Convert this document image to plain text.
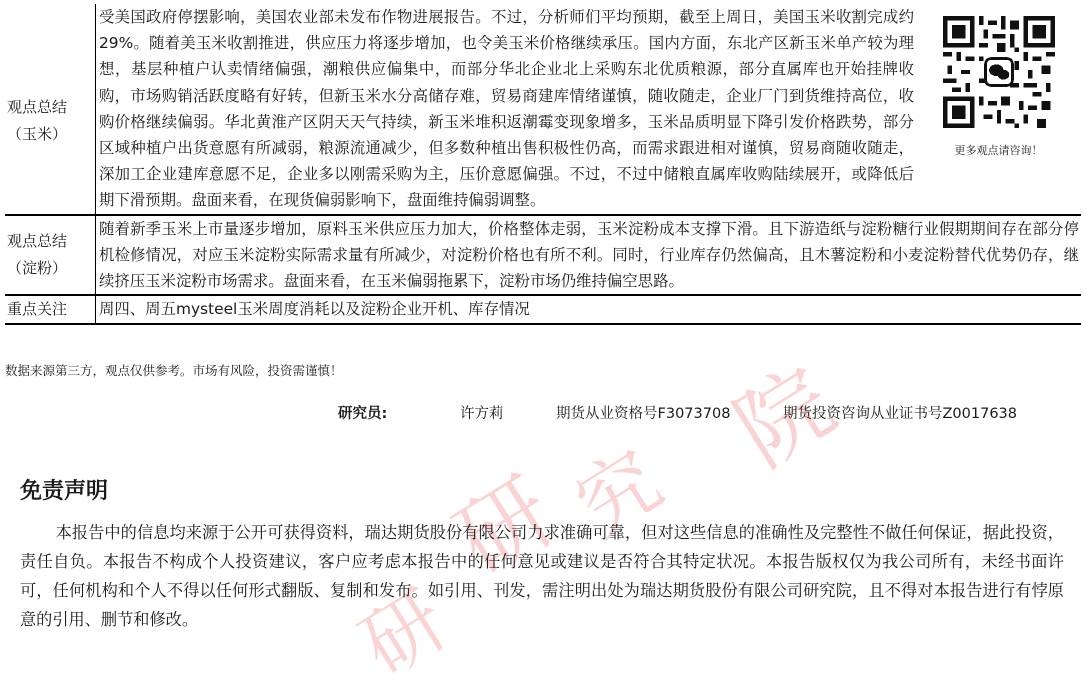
研
究
院
研
观点总结（玉米）	受美国政府停摆影响，美国农业部未发布作物进展报告。不过，分析师们平均预期，截至上周日，美国玉米收割完成约29%。随着美玉米收割推进，供应压力将逐步增加，也令美玉米价格继续承压。国内方面，东北产区新玉米单产较为理想，基层种植户认卖情绪偏强，潮粮供应偏集中，而部分华北企业北上采购东北优质粮源，部分直属库也开始挂牌收购，市场购销活跃度略有好转，但新玉米水分高储存难，贸易商建库情绪谨慎，随收随走，企业厂门到货维持高位，收购价格继续偏弱。华北黄淮产区阴天天气持续，新玉米堆积返潮霉变现象增多，玉米品质明显下降引发价格跌势，部分区域种植户出货意愿有所减弱，粮源流通减少，但多数种植出售积极性仍高，而需求跟进相对谨慎，贸易商随收随走，深加工企业建库意愿不足，企业多以刚需采购为主，压价意愿偏强。不过，不过中储粮直属库收购陆续展开，或降低后期下滑预期。盘面来看，在现货偏弱影响下，盘面维持偏弱调整。	更多观点请咨询！

观点总结（淀粉）	随着新季玉米上市量逐步增加，原料玉米供应压力加大，价格整体走弱，玉米淀粉成本支撑下滑。且下游造纸与淀粉糖行业假期期间存在部分停机检修情况，对应玉米淀粉实际需求量有所减少，对淀粉价格也有所不利。同时，行业库存仍然偏高，且木薯淀粉和小麦淀粉替代优势仍存，继续挤压玉米淀粉市场需求。盘面来看，在玉米偏弱拖累下，淀粉市场仍维持偏空思路。	

重点关注	周四、周五mysteel玉米周度消耗以及淀粉企业开机、库存情况	
数据来源第三方，观点仅供参考。市场有风险，投资需谨慎！
研究员:	许方莉	期货从业资格号F3073708	期货投资咨询从业证书号Z0017638
免责声明
本报告中的信息均来源于公开可获得资料，瑞达期货股份有限公司力求准确可靠，但对这些信息的准确性及完整性不做任何保证，据此投资，责任自负。本报告不构成个人投资建议，客户应考虑本报告中的任何意见或建议是否符合其特定状况。本报告版权仅为我公司所有，未经书面许可，任何机构和个人不得以任何形式翻版、复制和发布。如引用、刊发，需注明出处为瑞达期货股份有限公司研究院，且不得对本报告进行有悖原意的引用、删节和修改。
